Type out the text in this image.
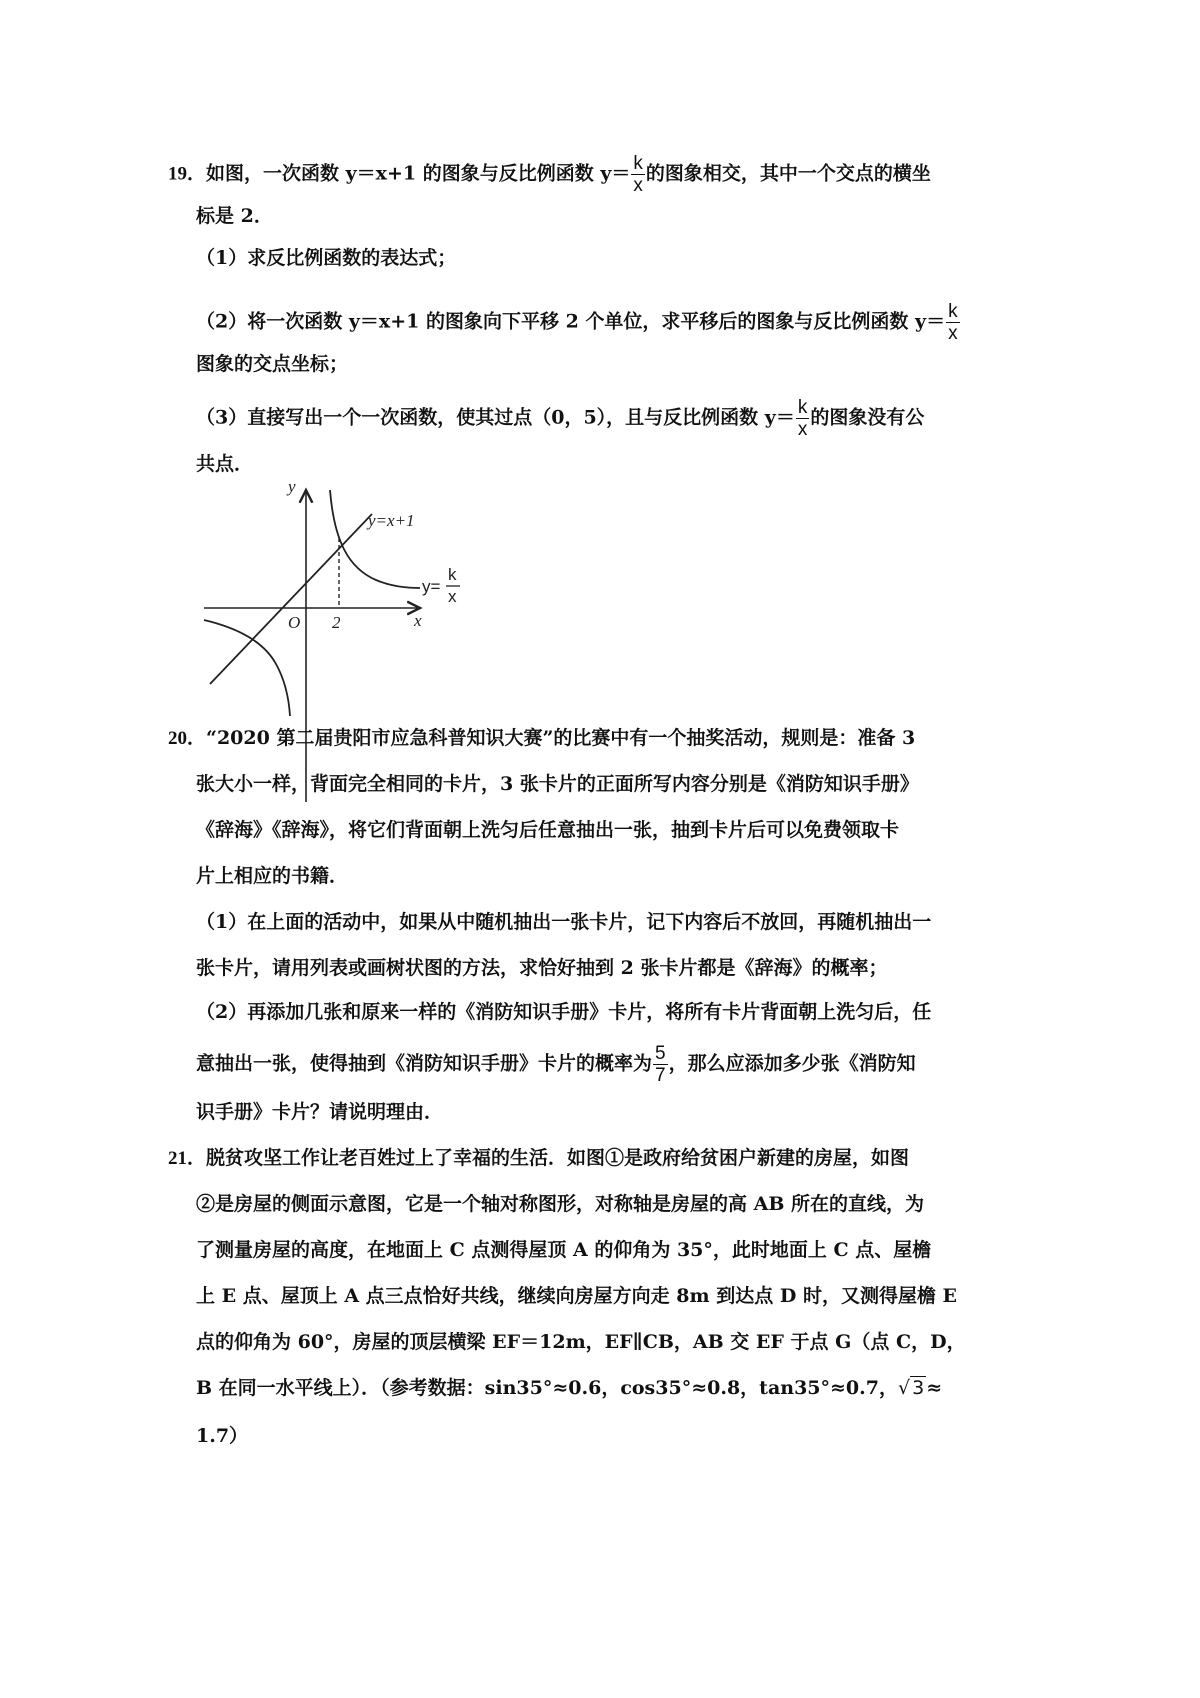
19．如图，一次函数 y＝x+1 的图象与反比例函数 $y= \frac{k}{x}$ 的图象相交，其中一个交点的横坐
标是 2．
（1）求反比例函数的表达式；
（2）将一次函数 y＝x+1 的图象向下平移 2 个单位，求平移后的图象与反比例函数 $y= \frac{k}{x}$
图象的交点坐标；
（3）直接写出一个一次函数，使其过点（0，5），且与反比例函数 $y= \frac{k}{x}$ 的图象没有公
共点．
y
x
O 2
y=x+1
y=
k
x
20．“2020 第二届贵阳市应急科普知识大赛”的比赛中有一个抽奖活动，规则是：准备 3
张大小一样，背面完全相同的卡片，3 张卡片的正面所写内容分别是《消防知识手册》
《辞海》《辞海》，将它们背面朝上洗匀后任意抽出一张，抽到卡片后可以免费领取卡
片上相应的书籍．
（1）在上面的活动中，如果从中随机抽出一张卡片，记下内容后不放回，再随机抽出一
张卡片，请用列表或画树状图的方法，求恰好抽到 2 张卡片都是《辞海》的概率；
（2）再添加几张和原来一样的《消防知识手册》卡片，将所有卡片背面朝上洗匀后，任
意抽出一张，使得抽到《消防知识手册》卡片的概率为 $\frac{5}{7}$ ，那么应添加多少张《消防知
识手册》卡片？请说明理由．
21．脱贫攻坚工作让老百姓过上了幸福的生活．如图①是政府给贫困户新建的房屋，如图
②是房屋的侧面示意图，它是一个轴对称图形，对称轴是房屋的高 AB 所在的直线，为
了测量房屋的高度，在地面上 C 点测得屋顶 A 的仰角为 35°，此时地面上 C 点、屋檐
上 E 点、屋顶上 A 点三点恰好共线，继续向房屋方向走 8m 到达点 D 时，又测得屋檐 E
点的仰角为 60°，房屋的顶层横梁 EF＝12m，EF∥CB，AB 交 EF 于点 G（点 C，D，
B 在同一水平线上）．（参考数据：sin35°≈0.6，cos35°≈0.8，tan35°≈0.7，√ 3 ≈
1.7）
